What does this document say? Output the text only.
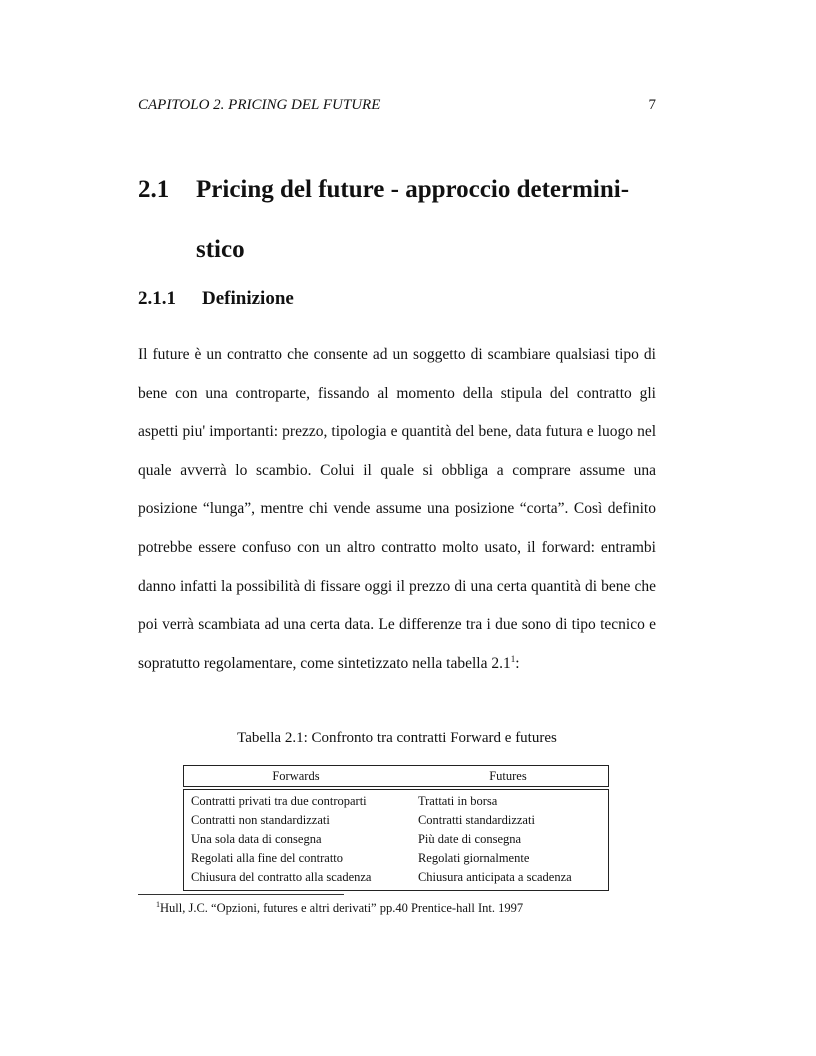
CAPITOLO 2. PRICING DEL FUTURE	7
2.1 Pricing del future - approccio determini-
stico
2.1.1 Definizione

Il future è un contratto che consente ad un soggetto di scambiare qualsiasi tipo di bene con una controparte, fissando al momento della stipula del contratto gli aspetti piu' importanti: prezzo, tipologia e quantità del bene, data futura e luogo nel quale avverrà lo scambio. Colui il quale si obbliga a comprare assume una posizione “lunga”, mentre chi vende assume una posizione “corta”. Così definito potrebbe essere confuso con un altro contratto molto usato, il forward: entrambi danno infatti la possibilità di fissare oggi il prezzo di una certa quantità di bene che poi verrà scambiata ad una certa data. Le differenze tra i due sono di tipo tecnico e sopratutto regolamentare, come sintetizzato nella tabella $2.1^1$:

Tabella 2.1: Confronto tra contratti Forward e futures
Forwards	Futures
Contratti privati tra due controparti	Trattati in borsa
Contratti non standardizzati	Contratti standardizzati
Una sola data di consegna	Più date di consegna
Regolati alla fine del contratto	Regolati giornalmente
Chiusura del contratto alla scadenza	Chiusura anticipata a scadenza
$^1$Hull, J.C. “Opzioni, futures e altri derivati” pp.40 Prentice-hall Int. 1997
